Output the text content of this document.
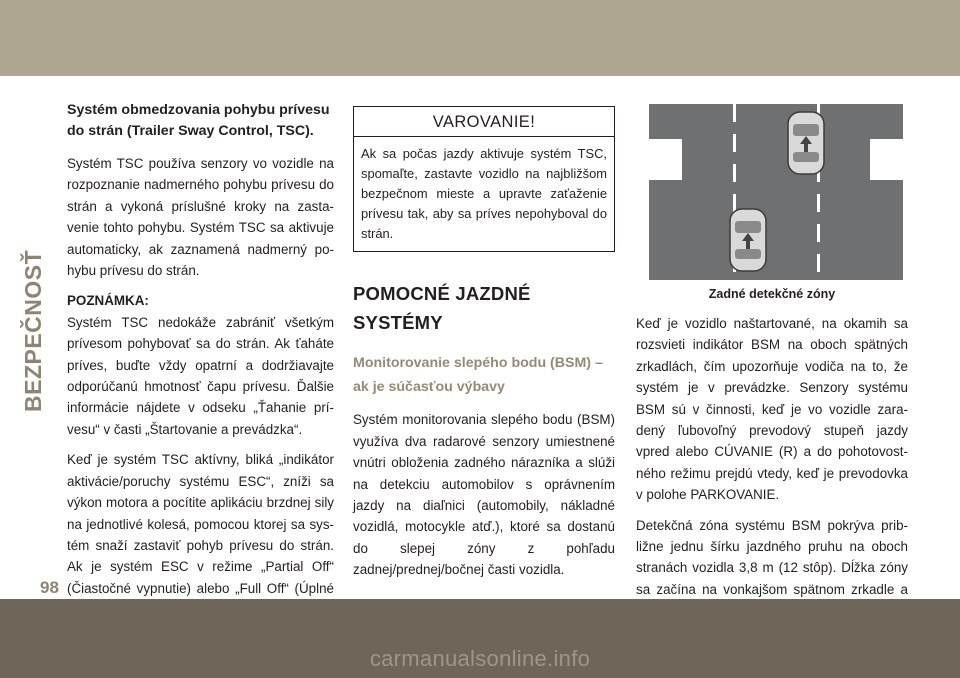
BEZPEČNOSŤ
Systém obmedzovania pohybu prívesu do strán (Trailer Sway Control, TSC).

Systém TSC používa senzory vo vozidle na rozpoznanie nadmerného pohybu prívesu do strán a vykoná príslušné kroky na zastavenie tohto pohybu. Systém TSC sa aktivuje automaticky, ak zaznamená nadmerný pohybu prívesu do strán.

POZNÁMKA:
Systém TSC nedokáže zabrániť všetkým prívesom pohybovať sa do strán. Ak ťaháte príves, buďte vždy opatrní a dodržiavajte odporúčanú hmotnosť čapu prívesu. Ďalšie informácie nájdete v odseku „Ťahanie prívesu“ v časti „Štartovanie a prevádzka“.

Keď je systém TSC aktívny, bliká „indikátor aktivácie/poruchy systému ESC“, zníži sa výkon motora a pocítite aplikáciu brzdnej sily na jednotlivé kolesá, pomocou ktorej sa systém snaží zastaviť pohyb prívesu do strán. Ak je systém ESC v režime „Partial Off“ (Čiastočné vypnutie) alebo „Full Off“ (Úplné

VAROVANIE!
Ak sa počas jazdy aktivuje systém TSC, spomaľte, zastavte vozidlo na najbližšom bezpečnom mieste a upravte zaťaženie prívesu tak, aby sa príves nepohyboval do strán.
POMOCNÉ JAZDNÉ SYSTÉMY
Monitorovanie slepého bodu (BSM) – ak je súčasťou výbavy

Systém monitorovania slepého bodu (BSM) využíva dva radarové senzory umiestnené vnútri obloženia zadného nárazníka a slúži na detekciu automobilov s oprávnením jazdy na diaľnici (automobily, nákladné vozidlá, motocykle atď.), ktoré sa dostanú do slepej zóny z pohľadu zadnej/prednej/bočnej časti vozidla.

Zadné detekčné zóny

Keď je vozidlo naštartované, na okamih sa rozsvieti indikátor BSM na oboch spätných zrkadlách, čím upozorňuje vodiča na to, že systém je v prevádzke. Senzory systému BSM sú v činnosti, keď je vo vozidle zaradený ľubovoľný prevodový stupeň jazdy vpred alebo CÚVANIE (R) a do pohotovostného režimu prejdú vtedy, keď je prevodovka v polohe PARKOVANIE.

Detekčná zóna systému BSM pokrýva približne jednu šírku jazdného pruhu na oboch stranách vozidla 3,8 m (12 stôp). Dĺžka zóny sa začína na vonkajšom spätnom zrkadle a

98
carmanualsonline.info
